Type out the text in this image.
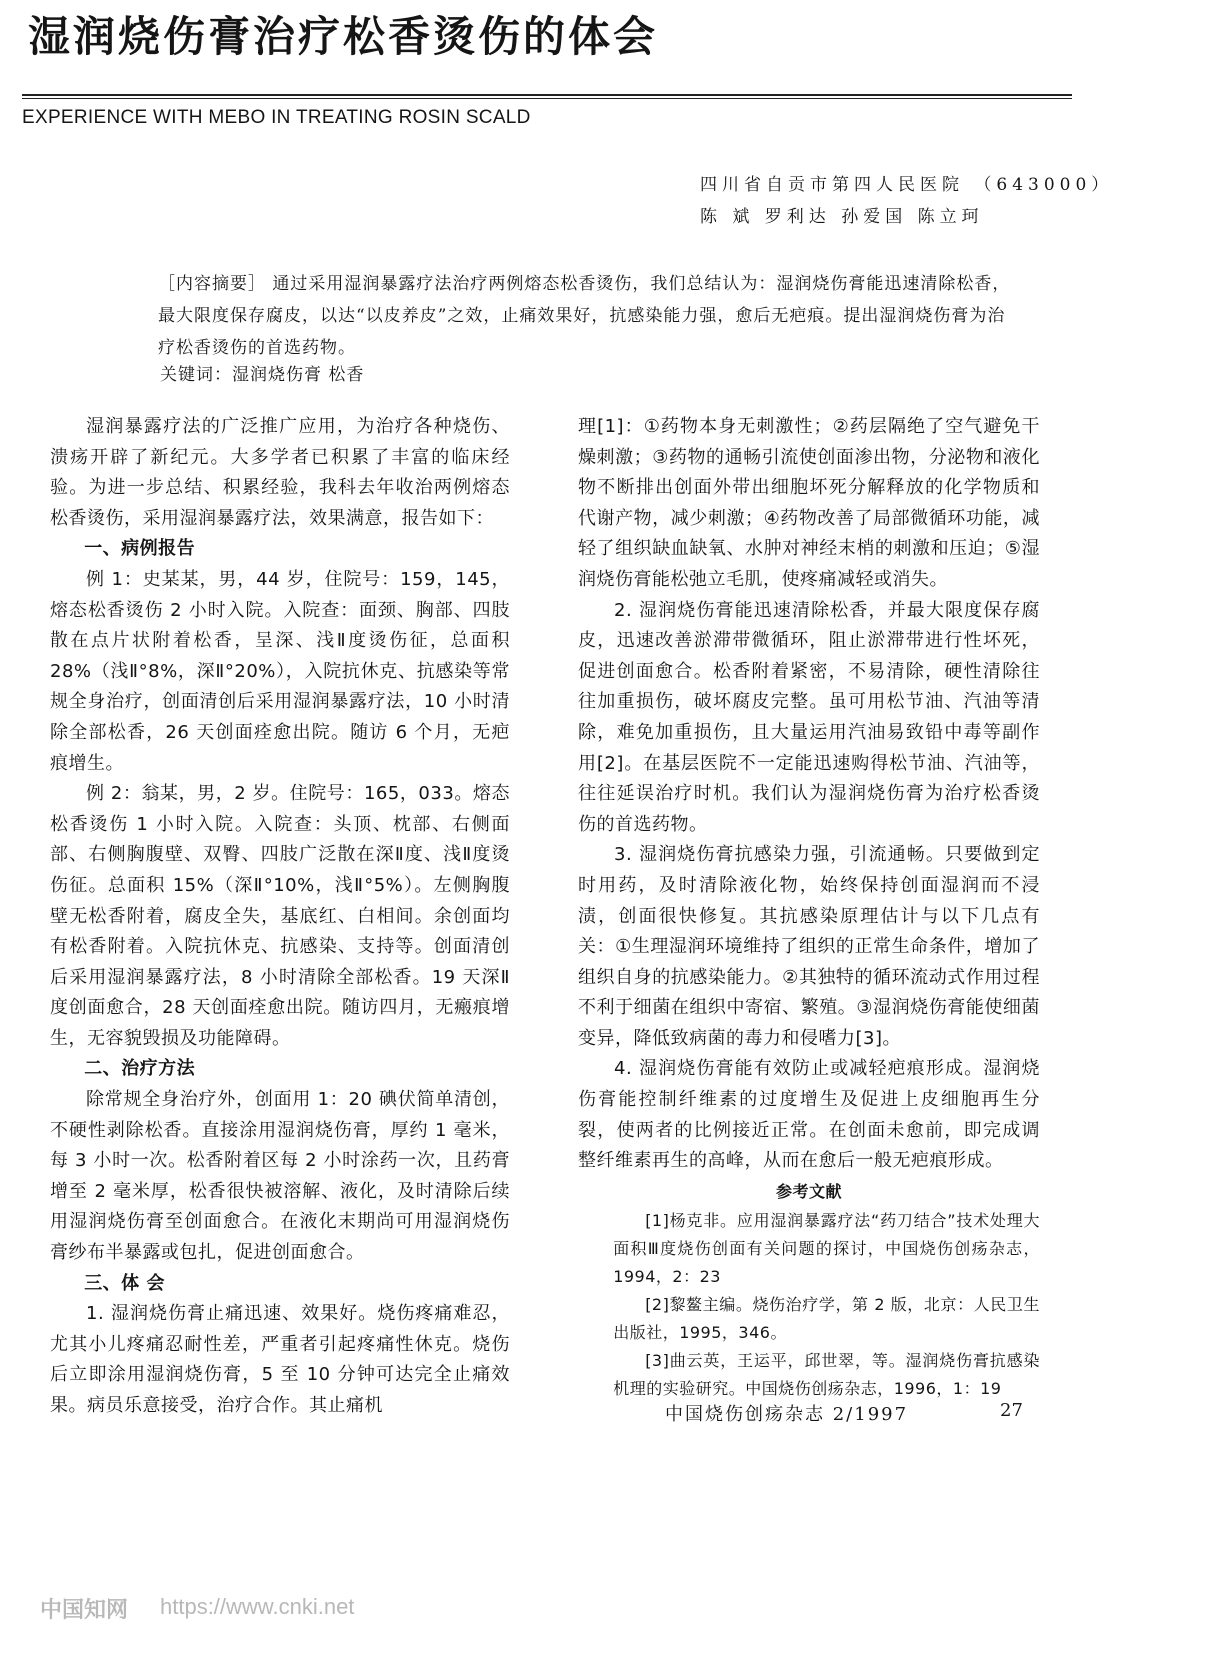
湿润烧伤膏治疗松香烫伤的体会
EXPERIENCE WITH MEBO IN TREATING ROSIN SCALD
四川省自贡市第四人民医院 （643000）
陈 斌 罗利达 孙爱国 陈立珂
［内容摘要］ 通过采用湿润暴露疗法治疗两例熔态松香烫伤，我们总结认为：湿润烧伤膏能迅速清除松香，最大限度保存腐皮，以达“以皮养皮”之效，止痛效果好，抗感染能力强，愈后无疤痕。提出湿润烧伤膏为治疗松香烫伤的首选药物。
关键词：湿润烧伤膏 松香

湿润暴露疗法的广泛推广应用，为治疗各种烧伤、溃疡开辟了新纪元。大多学者已积累了丰富的临床经验。为进一步总结、积累经验，我科去年收治两例熔态松香烫伤，采用湿润暴露疗法，效果满意，报告如下：

一、病例报告

例 1：史某某，男，44 岁，住院号：159，145，熔态松香烫伤 2 小时入院。入院查：面颈、胸部、四肢散在点片状附着松香，呈深、浅Ⅱ度烫伤征，总面积 28%（浅Ⅱ°8%，深Ⅱ°20%），入院抗休克、抗感染等常规全身治疗，创面清创后采用湿润暴露疗法，10 小时清除全部松香，26 天创面痊愈出院。随访 6 个月，无疤痕增生。

例 2：翁某，男，2 岁。住院号：165，033。熔态松香烫伤 1 小时入院。入院查：头顶、枕部、右侧面部、右侧胸腹壁、双臀、四肢广泛散在深Ⅱ度、浅Ⅱ度烫伤征。总面积 15%（深Ⅱ°10%，浅Ⅱ°5%）。左侧胸腹壁无松香附着，腐皮全失，基底红、白相间。余创面均有松香附着。入院抗休克、抗感染、支持等。创面清创后采用湿润暴露疗法，8 小时清除全部松香。19 天深Ⅱ度创面愈合，28 天创面痊愈出院。随访四月，无瘢痕增生，无容貌毁损及功能障碍。

二、治疗方法

除常规全身治疗外，创面用 1：20 碘伏简单清创，不硬性剥除松香。直接涂用湿润烧伤膏，厚约 1 毫米，每 3 小时一次。松香附着区每 2 小时涂药一次，且药膏增至 2 毫米厚，松香很快被溶解、液化，及时清除后续用湿润烧伤膏至创面愈合。在液化末期尚可用湿润烧伤膏纱布半暴露或包扎，促进创面愈合。

三、体 会

1. 湿润烧伤膏止痛迅速、效果好。烧伤疼痛难忍，尤其小儿疼痛忍耐性差，严重者引起疼痛性休克。烧伤后立即涂用湿润烧伤膏，5 至 10 分钟可达完全止痛效果。病员乐意接受，治疗合作。其止痛机

理[1]：①药物本身无刺激性；②药层隔绝了空气避免干燥刺激；③药物的通畅引流使创面渗出物，分泌物和液化物不断排出创面外带出细胞坏死分解释放的化学物质和代谢产物，减少刺激；④药物改善了局部微循环功能，减轻了组织缺血缺氧、水肿对神经末梢的刺激和压迫；⑤湿润烧伤膏能松弛立毛肌，使疼痛减轻或消失。

2. 湿润烧伤膏能迅速清除松香，并最大限度保存腐皮，迅速改善淤滞带微循环，阻止淤滞带进行性坏死，促进创面愈合。松香附着紧密，不易清除，硬性清除往往加重损伤，破坏腐皮完整。虽可用松节油、汽油等清除，难免加重损伤，且大量运用汽油易致铅中毒等副作用[2]。在基层医院不一定能迅速购得松节油、汽油等，往往延误治疗时机。我们认为湿润烧伤膏为治疗松香烫伤的首选药物。

3. 湿润烧伤膏抗感染力强，引流通畅。只要做到定时用药，及时清除液化物，始终保持创面湿润而不浸渍，创面很快修复。其抗感染原理估计与以下几点有关：①生理湿润环境维持了组织的正常生命条件，增加了组织自身的抗感染能力。②其独特的循环流动式作用过程不利于细菌在组织中寄宿、繁殖。③湿润烧伤膏能使细菌变异，降低致病菌的毒力和侵嗜力[3]。

4. 湿润烧伤膏能有效防止或减轻疤痕形成。湿润烧伤膏能控制纤维素的过度增生及促进上皮细胞再生分裂，使两者的比例接近正常。在创面未愈前，即完成调整纤维素再生的高峰，从而在愈后一般无疤痕形成。

参考文献

[1]杨克非。应用湿润暴露疗法“药刀结合”技术处理大面积Ⅲ度烧伤创面有关问题的探讨，中国烧伤创疡杂志，1994，2：23

[2]黎鳌主编。烧伤治疗学，第 2 版，北京：人民卫生出版社，1995，346。

[3]曲云英，王运平，邱世翠，等。湿润烧伤膏抗感染机理的实验研究。中国烧伤创疡杂志，1996，1：19

中国烧伤创疡杂志 2/1997	27
中国知网 https://www.cnki.net
